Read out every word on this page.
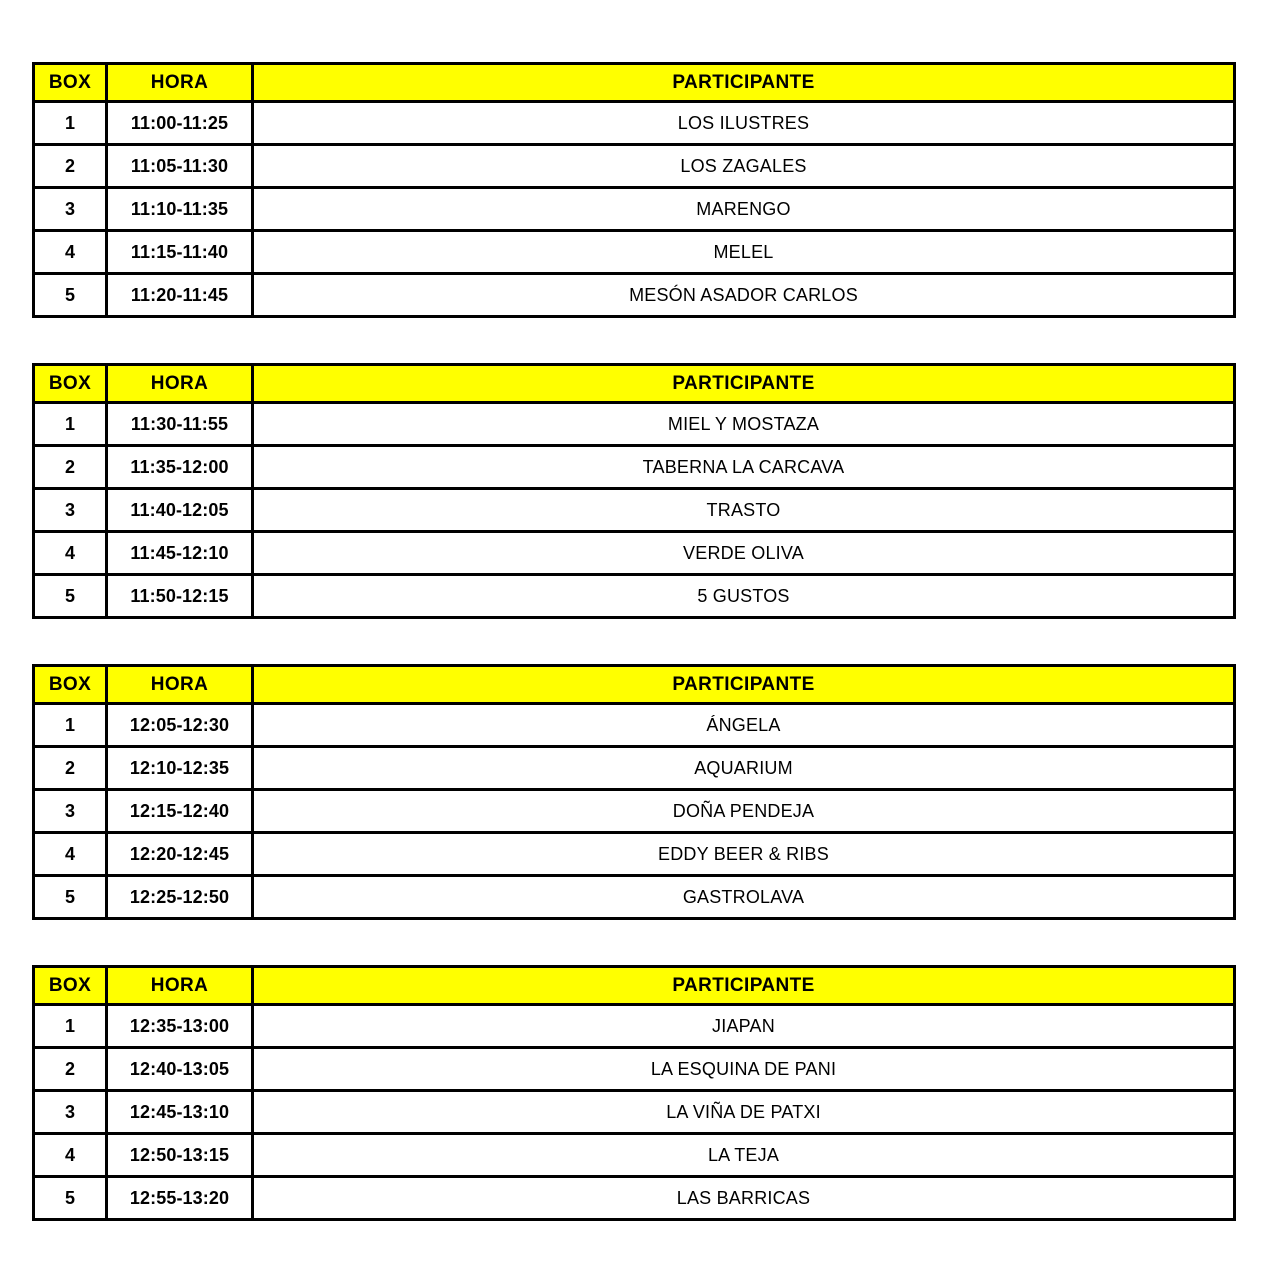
BOX	HORA	PARTICIPANTE
1	11:00-11:25	LOS ILUSTRES
2	11:05-11:30	LOS ZAGALES
3	11:10-11:35	MARENGO
4	11:15-11:40	MELEL
5	11:20-11:45	MESÓN ASADOR CARLOS
BOX	HORA	PARTICIPANTE
1	11:30-11:55	MIEL Y MOSTAZA
2	11:35-12:00	TABERNA LA CARCAVA
3	11:40-12:05	TRASTO
4	11:45-12:10	VERDE OLIVA
5	11:50-12:15	5 GUSTOS
BOX	HORA	PARTICIPANTE
1	12:05-12:30	ÁNGELA
2	12:10-12:35	AQUARIUM
3	12:15-12:40	DOÑA PENDEJA
4	12:20-12:45	EDDY BEER & RIBS
5	12:25-12:50	GASTROLAVA
BOX	HORA	PARTICIPANTE
1	12:35-13:00	JIAPAN
2	12:40-13:05	LA ESQUINA DE PANI
3	12:45-13:10	LA VIÑA DE PATXI
4	12:50-13:15	LA TEJA
5	12:55-13:20	LAS BARRICAS
